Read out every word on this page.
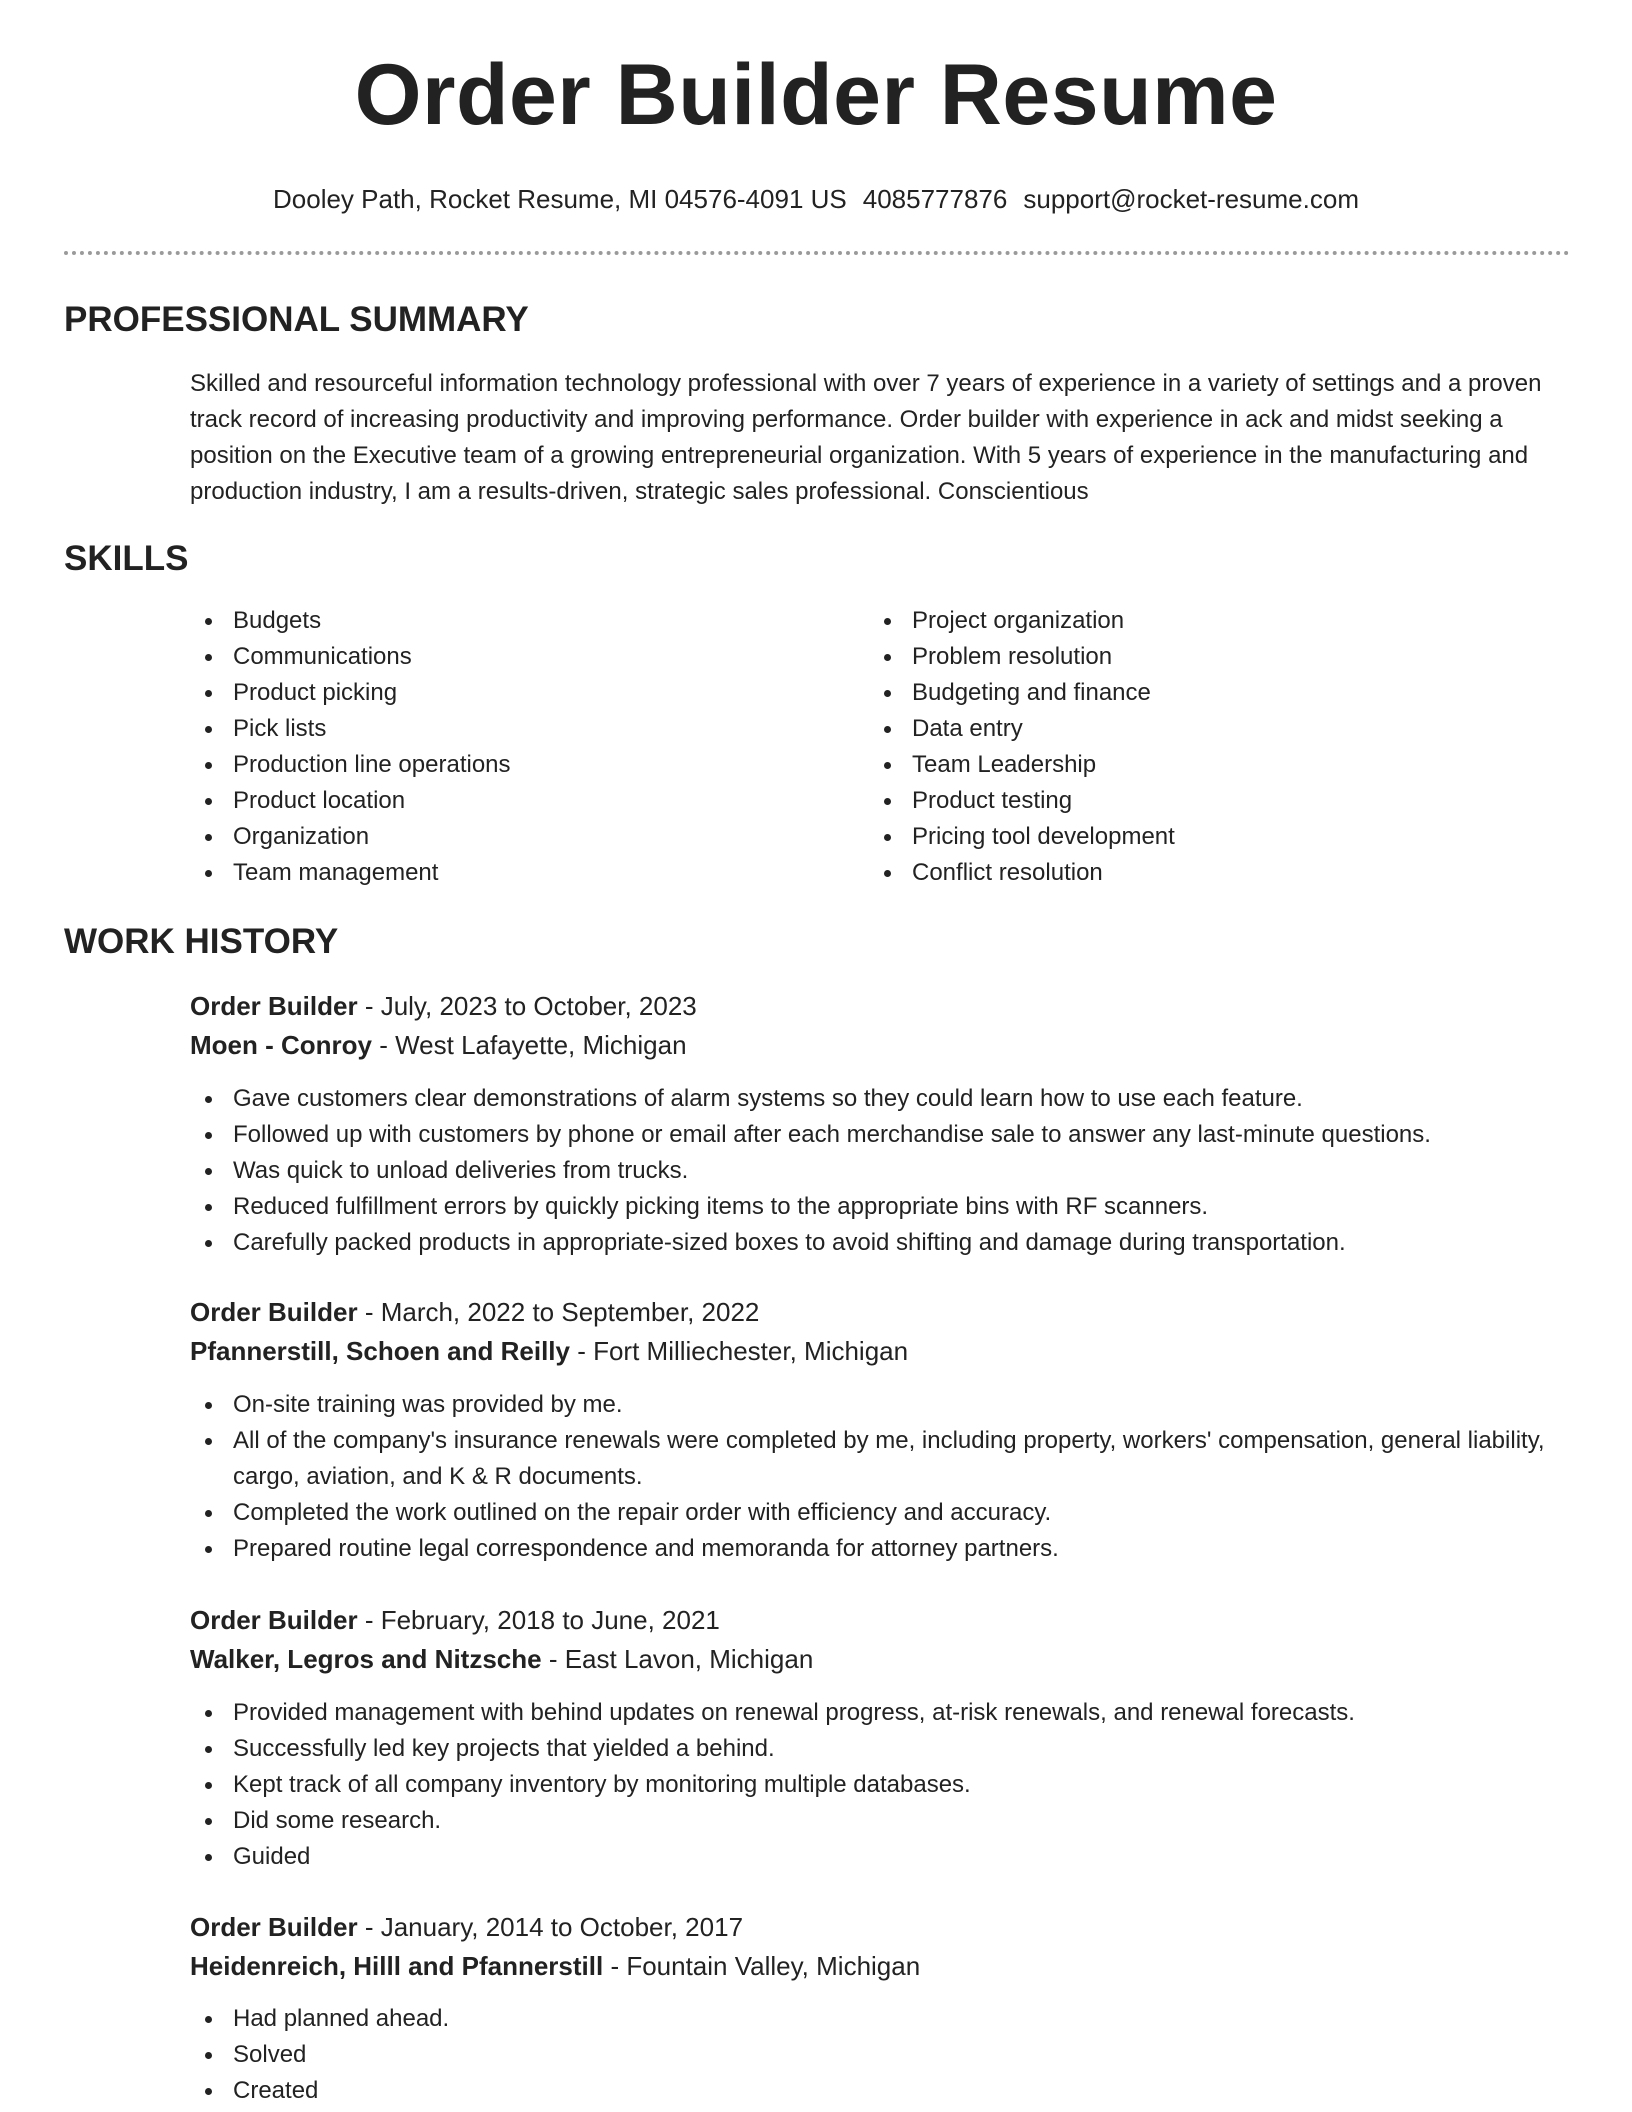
Order Builder Resume
Dooley Path, Rocket Resume, MI 04576-4091 US 4085777876 support@rocket-resume.com
PROFESSIONAL SUMMARY

Skilled and resourceful information technology professional with over 7 years of experience in a variety of settings and a proven track record of increasing productivity and improving performance. Order builder with experience in ack and midst seeking a position on the Executive team of a growing entrepreneurial organization. With 5 years of experience in the manufacturing and production industry, I am a results-driven, strategic sales professional. Conscientious

SKILLS
Budgets
Communications
Product picking
Pick lists
Production line operations
Product location
Organization
Team management
Project organization
Problem resolution
Budgeting and finance
Data entry
Team Leadership
Product testing
Pricing tool development
Conflict resolution
WORK HISTORY
Order Builder - July, 2023 to October, 2023
Moen - Conroy - West Lafayette, Michigan
Gave customers clear demonstrations of alarm systems so they could learn how to use each feature.
Followed up with customers by phone or email after each merchandise sale to answer any last-minute questions.
Was quick to unload deliveries from trucks.
Reduced fulfillment errors by quickly picking items to the appropriate bins with RF scanners.
Carefully packed products in appropriate-sized boxes to avoid shifting and damage during transportation.
Order Builder - March, 2022 to September, 2022
Pfannerstill, Schoen and Reilly - Fort Milliechester, Michigan
On-site training was provided by me.
All of the company's insurance renewals were completed by me, including property, workers' compensation, general liability, cargo, aviation, and K & R documents.
Completed the work outlined on the repair order with efficiency and accuracy.
Prepared routine legal correspondence and memoranda for attorney partners.
Order Builder - February, 2018 to June, 2021
Walker, Legros and Nitzsche - East Lavon, Michigan
Provided management with behind updates on renewal progress, at-risk renewals, and renewal forecasts.
Successfully led key projects that yielded a behind.
Kept track of all company inventory by monitoring multiple databases.
Did some research.
Guided
Order Builder - January, 2014 to October, 2017
Heidenreich, Hilll and Pfannerstill - Fountain Valley, Michigan
Had planned ahead.
Solved
Created
